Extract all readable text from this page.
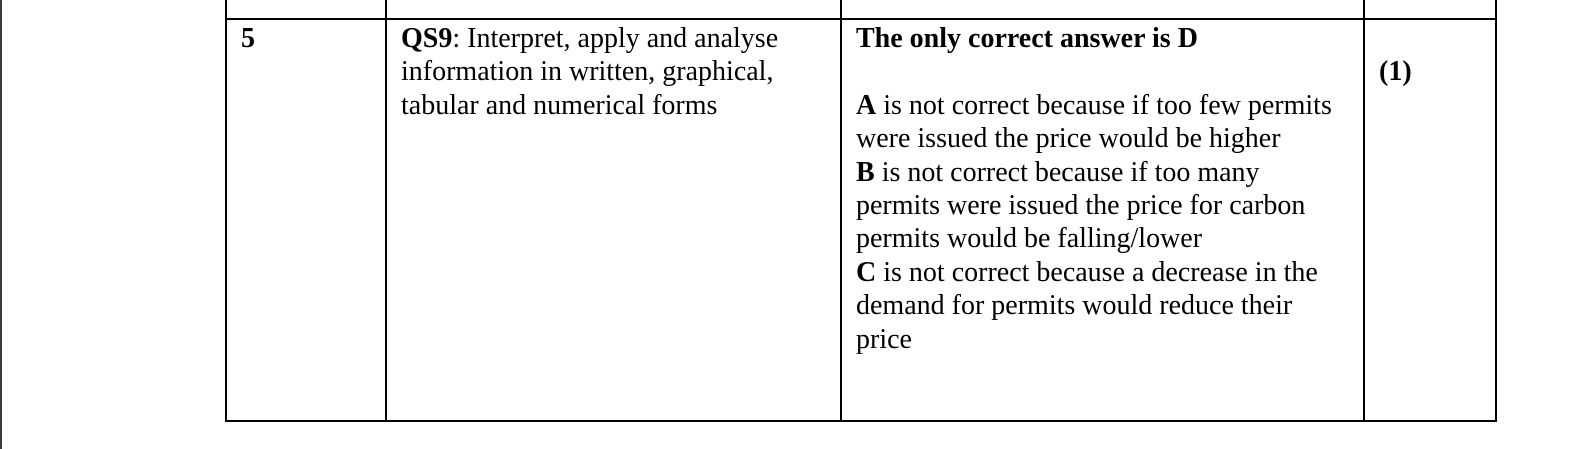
5	QS9: Interpret, apply and analyse information in written, graphical, tabular and numerical forms	The only correct answer is D
A is not correct because if too few permits were issued the price would be higher
B is not correct because if too many permits were issued the price for carbon permits would be falling/lower
C is not correct because a decrease in the demand for permits would reduce their price	(1)
